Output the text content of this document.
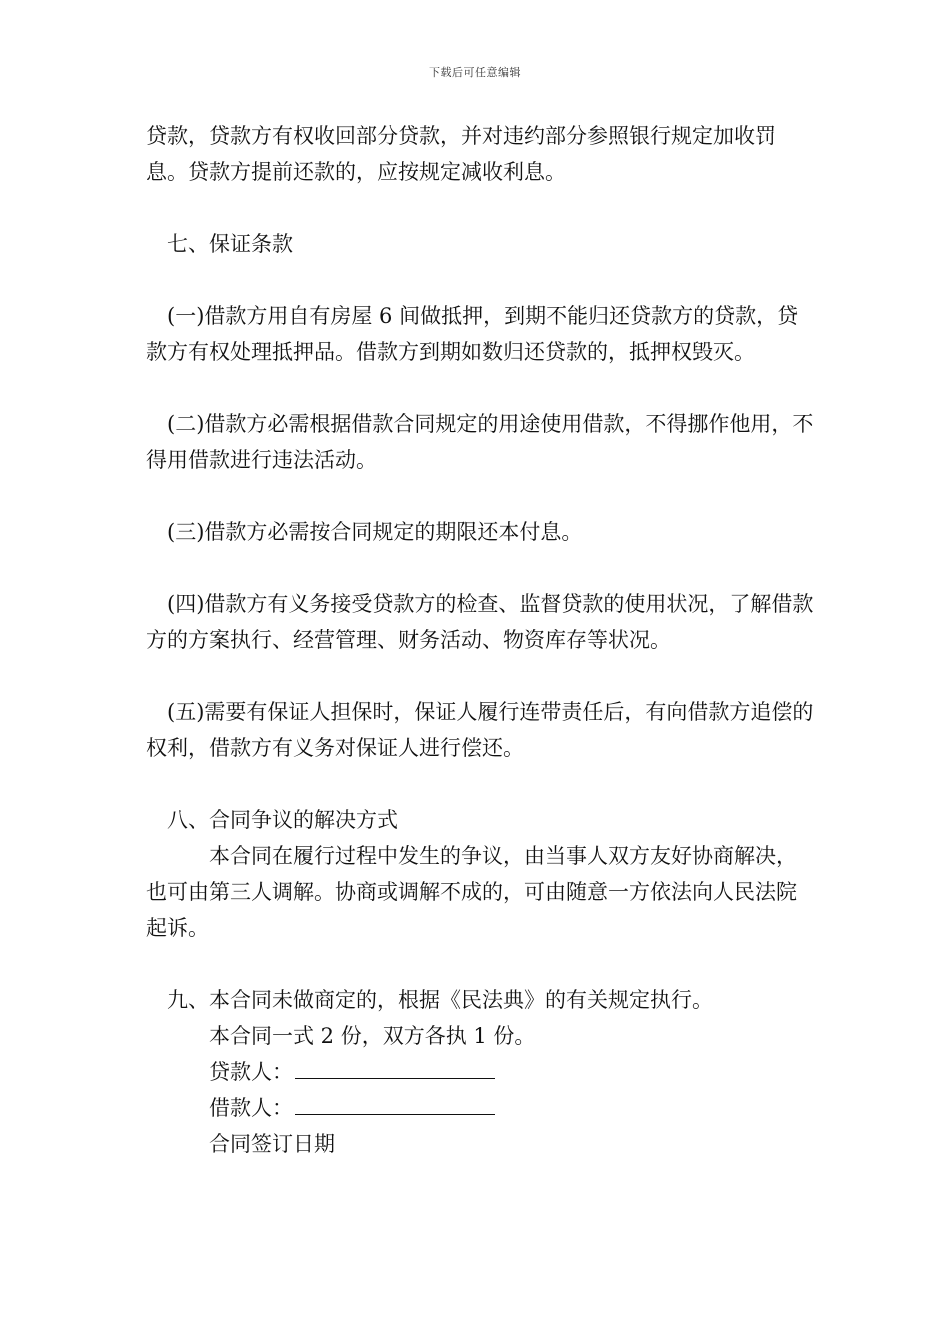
下载后可任意编辑

贷款，贷款方有权收回部分贷款，并对违约部分参照银行规定加收罚息。贷款方提前还款的，应按规定减收利息。

七、保证条款

(一)借款方用自有房屋 6 间做抵押，到期不能归还贷款方的贷款，贷款方有权处理抵押品。借款方到期如数归还贷款的，抵押权毁灭。

(二)借款方必需根据借款合同规定的用途使用借款，不得挪作他用，不得用借款进行违法活动。

(三)借款方必需按合同规定的期限还本付息。

(四)借款方有义务接受贷款方的检查、监督贷款的使用状况，了解借款方的方案执行、经营管理、财务活动、物资库存等状况。

(五)需要有保证人担保时，保证人履行连带责任后，有向借款方追偿的权利，借款方有义务对保证人进行偿还。

八、合同争议的解决方式

本合同在履行过程中发生的争议，由当事人双方友好协商解决，也可由第三人调解。协商或调解不成的，可由随意一方依法向人民法院起诉。

九、本合同未做商定的，根据《民法典》的有关规定执行。

本合同一式 2 份，双方各执 1 份。

贷款人：

借款人：

合同签订日期
